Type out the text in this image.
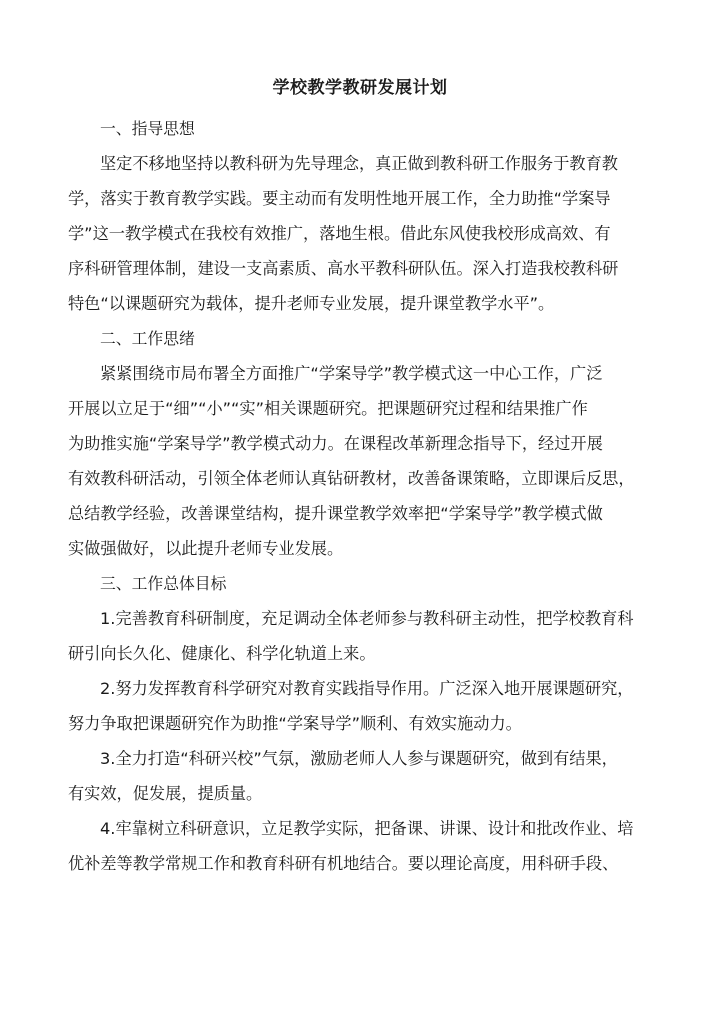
学校教学教研发展计划
一、指导思想
坚定不移地坚持以教科研为先导理念，真正做到教科研工作服务于教育教
学，落实于教育教学实践。要主动而有发明性地开展工作，全力助推“学案导
学”这一教学模式在我校有效推广，落地生根。借此东风使我校形成高效、有
序科研管理体制，建设一支高素质、高水平教科研队伍。深入打造我校教科研
特色“以课题研究为载体，提升老师专业发展，提升课堂教学水平”。
二、工作思绪
紧紧围绕市局布署全方面推广“学案导学”教学模式这一中心工作，广泛
开展以立足于“细”“小”“实”相关课题研究。把课题研究过程和结果推广作
为助推实施“学案导学”教学模式动力。在课程改革新理念指导下，经过开展
有效教科研活动，引领全体老师认真钻研教材，改善备课策略，立即课后反思，
总结教学经验，改善课堂结构，提升课堂教学效率把“学案导学”教学模式做
实做强做好，以此提升老师专业发展。
三、工作总体目标
1.完善教育科研制度，充足调动全体老师参与教科研主动性，把学校教育科
研引向长久化、健康化、科学化轨道上来。
2.努力发挥教育科学研究对教育实践指导作用。广泛深入地开展课题研究，
努力争取把课题研究作为助推“学案导学”顺利、有效实施动力。
3.全力打造“科研兴校”气氛，激励老师人人参与课题研究，做到有结果，
有实效，促发展，提质量。
4.牢靠树立科研意识，立足教学实际，把备课、讲课、设计和批改作业、培
优补差等教学常规工作和教育科研有机地结合。要以理论高度，用科研手段、
